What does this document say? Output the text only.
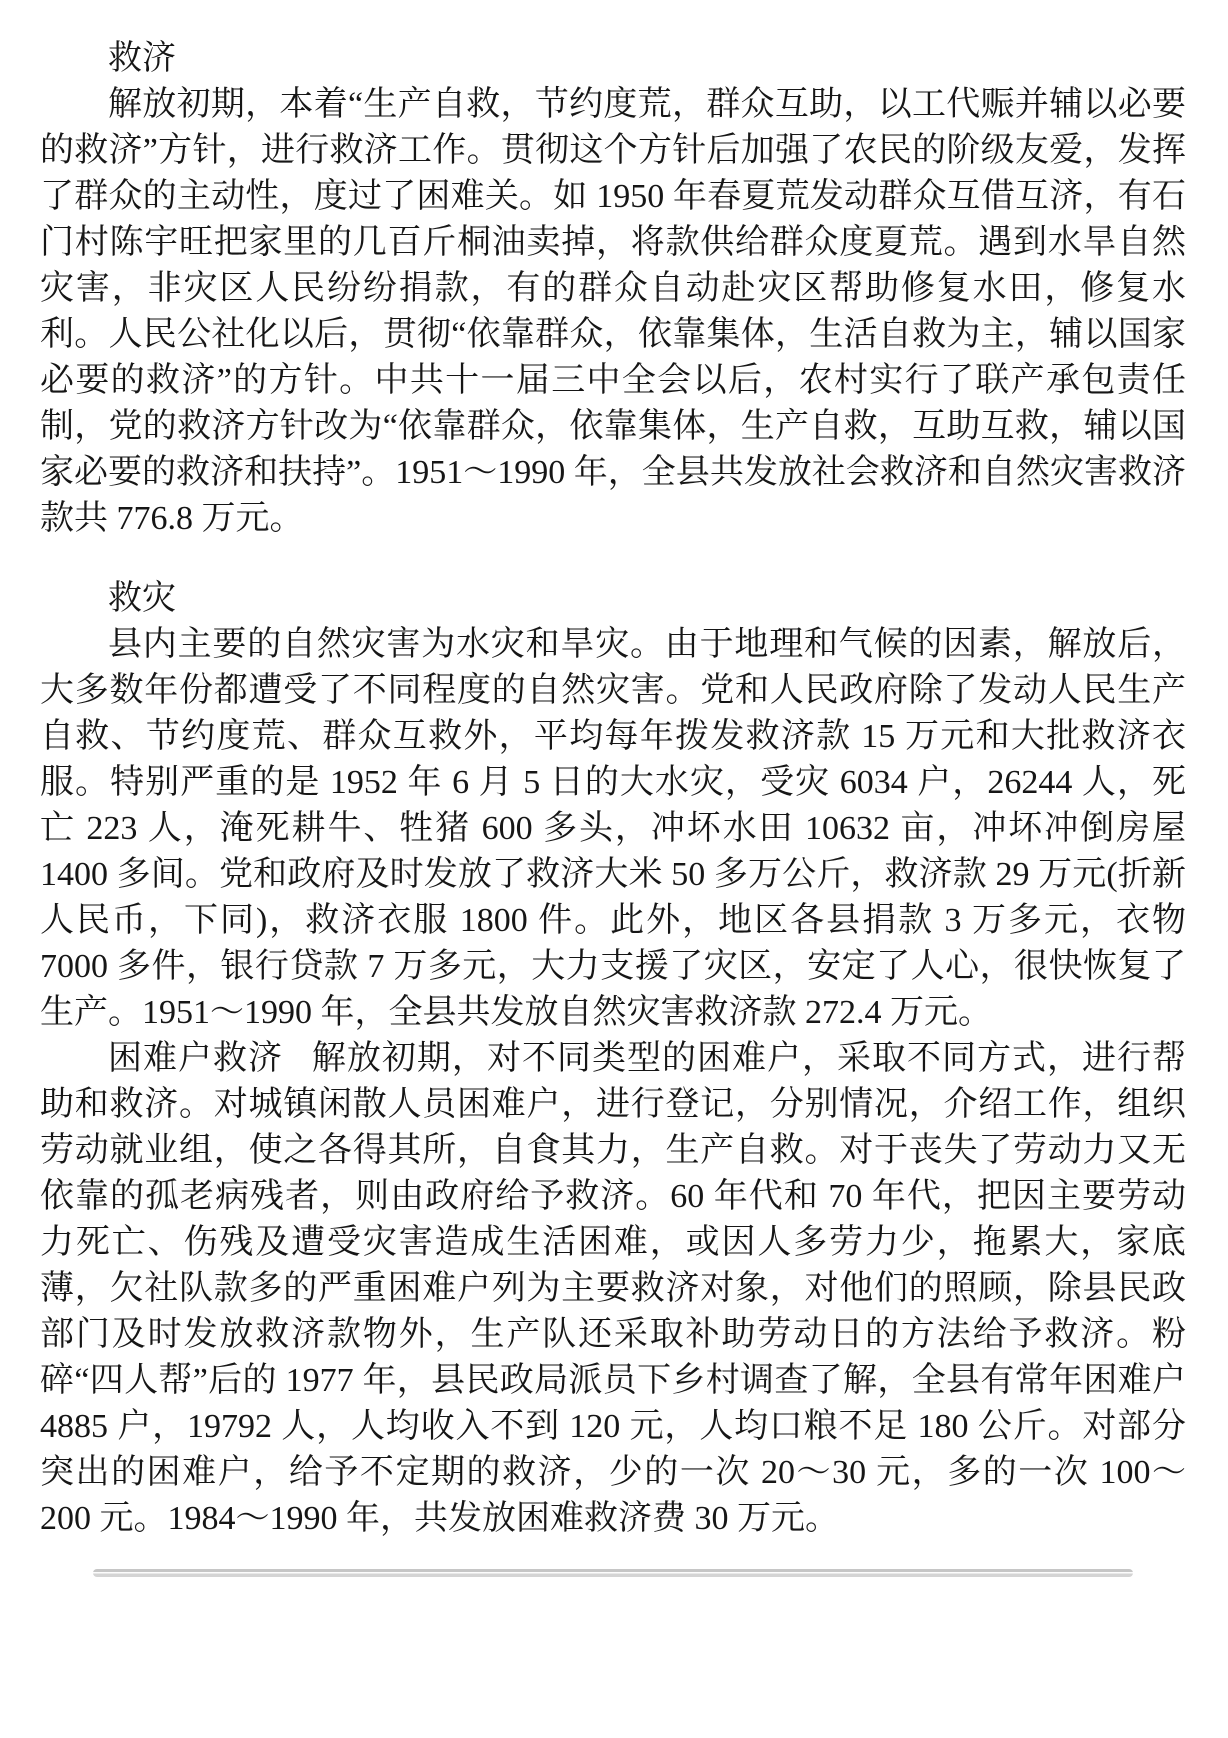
救济

解放初期，本着“生产自救，节约度荒，群众互助，以工代赈并辅以必要的救济”方针，进行救济工作。贯彻这个方针后加强了农民的阶级友爱，发挥了群众的主动性，度过了困难关。如 1950 年春夏荒发动群众互借互济，有石门村陈宇旺把家里的几百斤桐油卖掉，将款供给群众度夏荒。遇到水旱自然灾害，非灾区人民纷纷捐款，有的群众自动赴灾区帮助修复水田，修复水利。人民公社化以后，贯彻“依靠群众，依靠集体，生活自救为主，辅以国家必要的救济”的方针。中共十一届三中全会以后，农村实行了联产承包责任制，党的救济方针改为“依靠群众，依靠集体，生产自救，互助互救，辅以国家必要的救济和扶持”。1951～1990 年，全县共发放社会救济和自然灾害救济款共 776.8 万元。

救灾

县内主要的自然灾害为水灾和旱灾。由于地理和气候的因素，解放后，大多数年份都遭受了不同程度的自然灾害。党和人民政府除了发动人民生产自救、节约度荒、群众互救外，平均每年拨发救济款 15 万元和大批救济衣服。特别严重的是 1952 年 6 月 5 日的大水灾，受灾 6034 户，26244 人，死亡 223 人，淹死耕牛、牲猪 600 多头，冲坏水田 10632 亩，冲坏冲倒房屋 1400 多间。党和政府及时发放了救济大米 50 多万公斤，救济款 29 万元(折新人民币，下同)，救济衣服 1800 件。此外，地区各县捐款 3 万多元，衣物 7000 多件，银行贷款 7 万多元，大力支援了灾区，安定了人心，很快恢复了生产。1951～1990 年，全县共发放自然灾害救济款 272.4 万元。

困难户救济 解放初期，对不同类型的困难户，采取不同方式，进行帮助和救济。对城镇闲散人员困难户，进行登记，分别情况，介绍工作，组织劳动就业组，使之各得其所，自食其力，生产自救。对于丧失了劳动力又无依靠的孤老病残者，则由政府给予救济。60 年代和 70 年代，把因主要劳动力死亡、伤残及遭受灾害造成生活困难，或因人多劳力少，拖累大，家底薄，欠社队款多的严重困难户列为主要救济对象，对他们的照顾，除县民政部门及时发放救济款物外，生产队还采取补助劳动日的方法给予救济。粉碎“四人帮”后的 1977 年，县民政局派员下乡村调查了解，全县有常年困难户 4885 户，19792 人，人均收入不到 120 元，人均口粮不足 180 公斤。对部分突出的困难户，给予不定期的救济，少的一次 20～30 元，多的一次 100～200 元。1984～1990 年，共发放困难救济费 30 万元。
